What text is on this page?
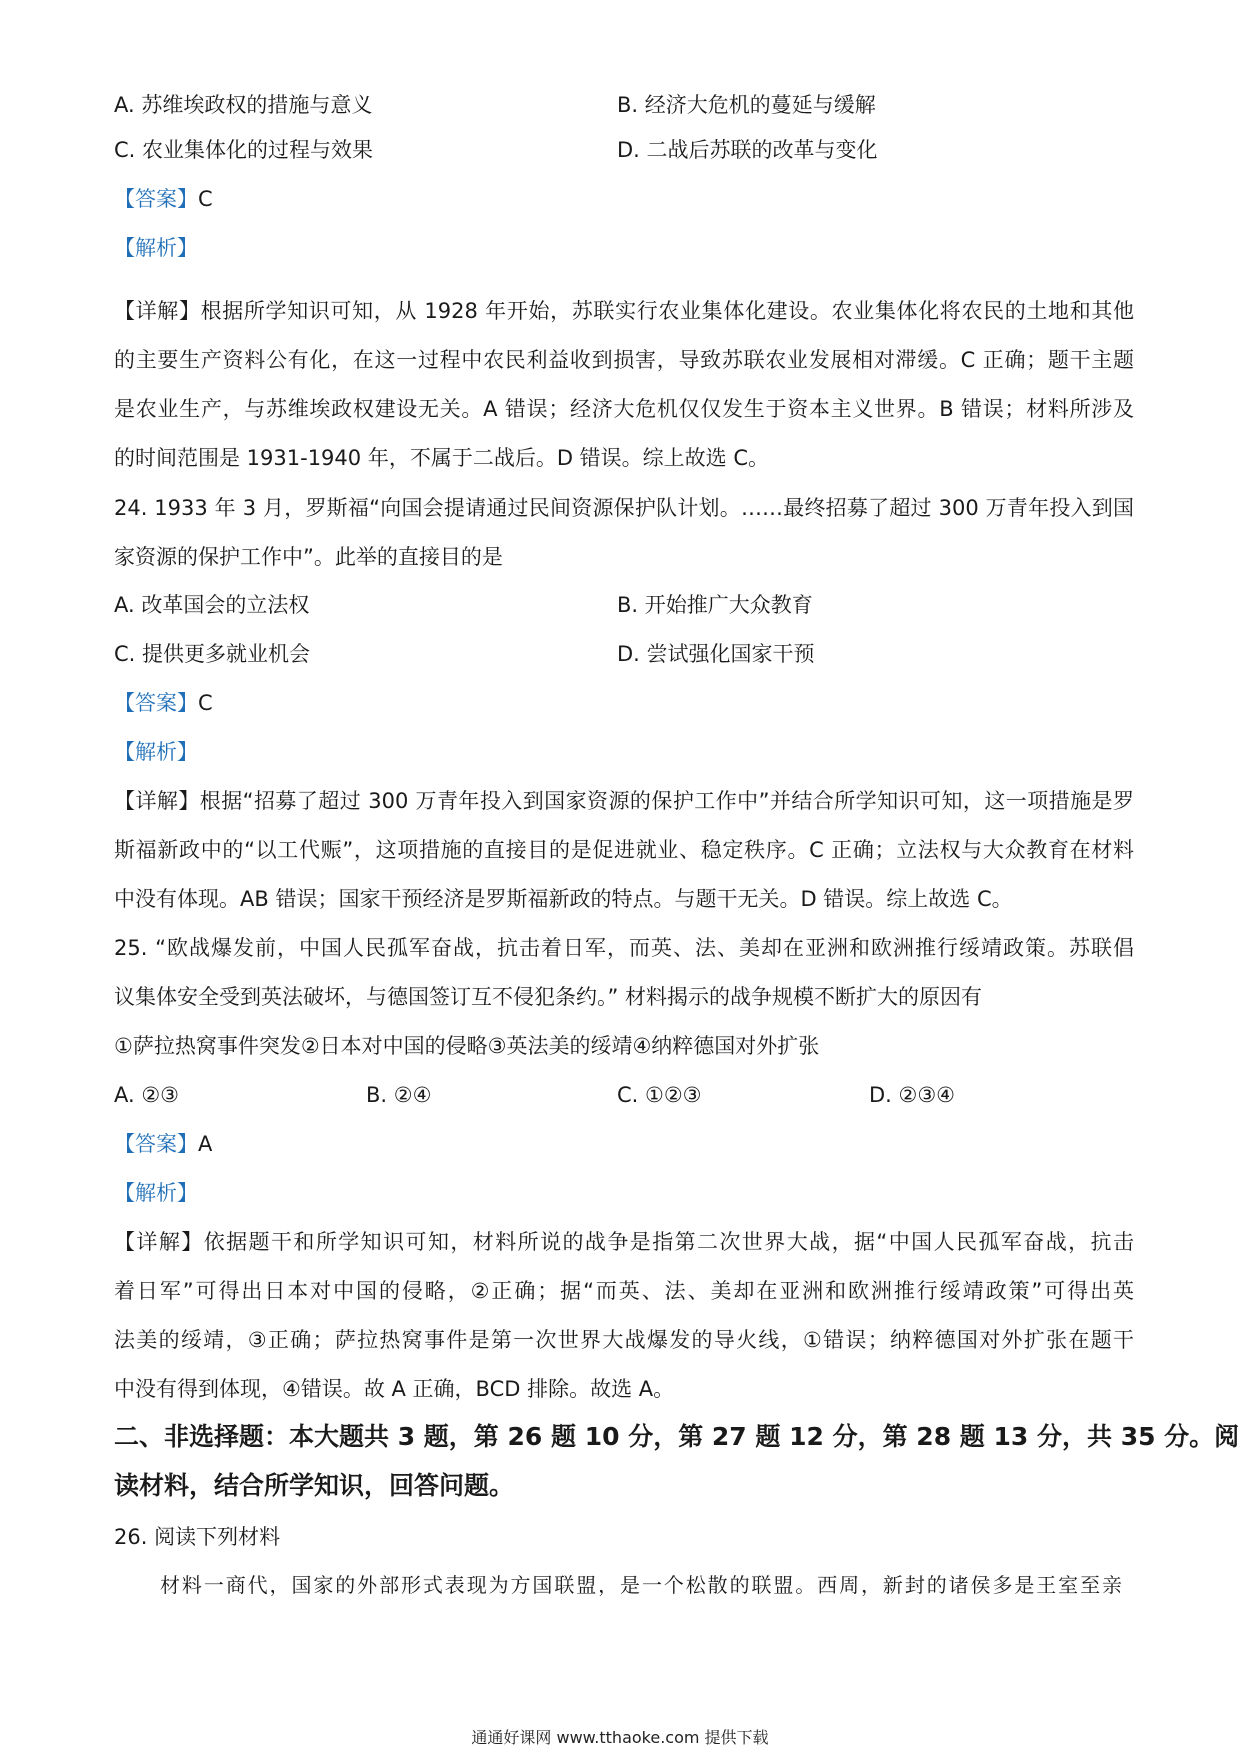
A. 苏维埃政权的措施与意义	B. 经济大危机的蔓延与缓解
C. 农业集体化的过程与效果	D. 二战后苏联的改革与变化
【答案】C
【解析】
【详解】根据所学知识可知，从 1928 年开始，苏联实行农业集体化建设。农业集体化将农民的土地和其他
的主要生产资料公有化，在这一过程中农民利益收到损害，导致苏联农业发展相对滞缓。C 正确；题干主题
是农业生产，与苏维埃政权建设无关。A 错误；经济大危机仅仅发生于资本主义世界。B 错误；材料所涉及
的时间范围是 1931-1940 年，不属于二战后。D 错误。综上故选 C。
24. 1933 年 3 月，罗斯福“向国会提请通过民间资源保护队计划。……最终招募了超过 300 万青年投入到国
家资源的保护工作中”。此举的直接目的是
A. 改革国会的立法权	B. 开始推广大众教育
C. 提供更多就业机会	D. 尝试强化国家干预
【答案】C
【解析】
【详解】根据“招募了超过 300 万青年投入到国家资源的保护工作中”并结合所学知识可知，这一项措施是罗
斯福新政中的“以工代赈”，这项措施的直接目的是促进就业、稳定秩序。C 正确；立法权与大众教育在材料
中没有体现。AB 错误；国家干预经济是罗斯福新政的特点。与题干无关。D 错误。综上故选 C。
25. “欧战爆发前，中国人民孤军奋战，抗击着日军，而英、法、美却在亚洲和欧洲推行绥靖政策。苏联倡
议集体安全受到英法破坏，与德国签订互不侵犯条约。” 材料揭示的战争规模不断扩大的原因有
①萨拉热窝事件突发②日本对中国的侵略③英法美的绥靖④纳粹德国对外扩张
A. ②③	B. ②④	C. ①②③	D. ②③④
【答案】A
【解析】
【详解】依据题干和所学知识可知，材料所说的战争是指第二次世界大战，据“中国人民孤军奋战，抗击
着日军”可得出日本对中国的侵略，②正确；据“而英、法、美却在亚洲和欧洲推行绥靖政策”可得出英
法美的绥靖，③正确；萨拉热窝事件是第一次世界大战爆发的导火线，①错误；纳粹德国对外扩张在题干
中没有得到体现，④错误。故 A 正确，BCD 排除。故选 A。
二、非选择题：本大题共 3 题，第 26 题 10 分，第 27 题 12 分，第 28 题 13 分，共 35 分。阅
读材料，结合所学知识，回答问题。
26. 阅读下列材料
材料一商代，国家的外部形式表现为方国联盟，是一个松散的联盟。西周，新封的诸侯多是王室至亲
通通好课网 www.tthaoke.com 提供下载
